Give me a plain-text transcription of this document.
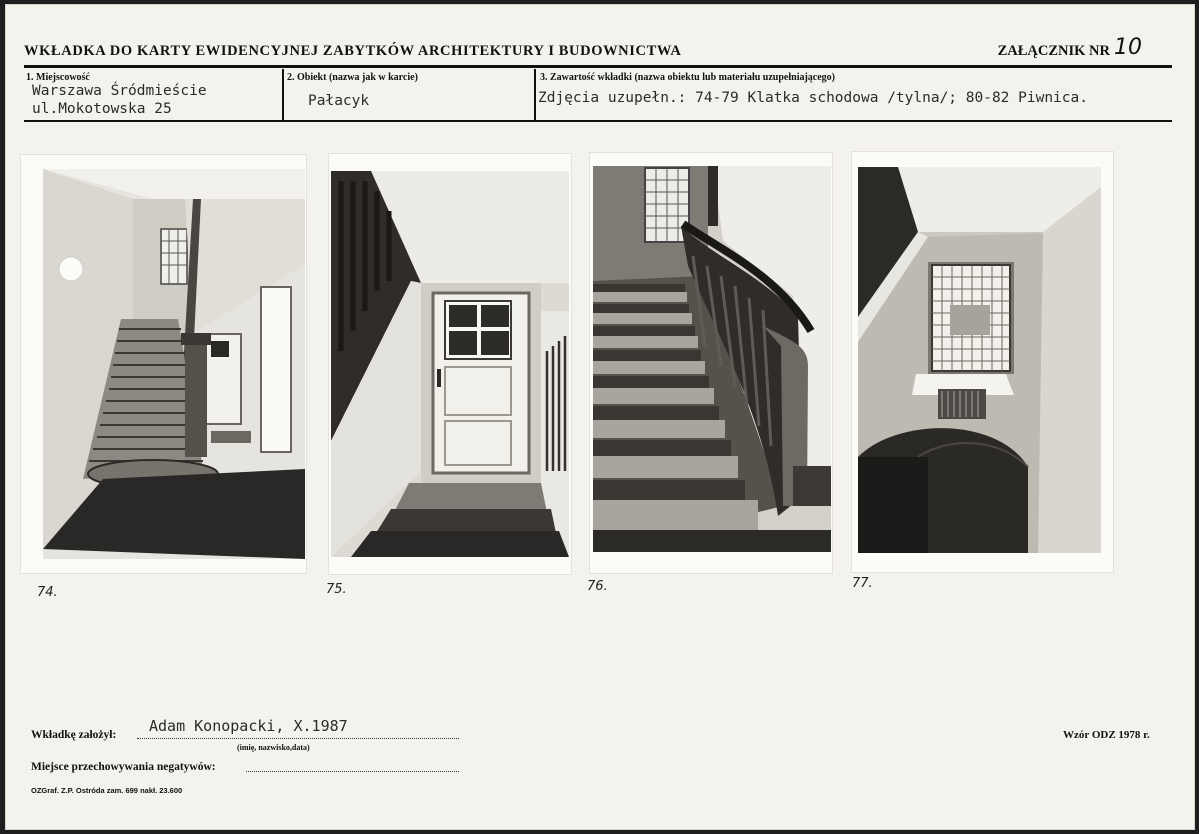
WKŁADKA DO KARTY EWIDENCYJNEJ ZABYTKÓW ARCHITEKTURY I BUDOWNICTWA	ZAŁĄCZNIK NR 10
1. Miejscowość
Warszawa Śródmieście
ul.Mokotowska 25
2. Obiekt (nazwa jak w karcie)
Pałacyk
3. Zawartość wkładki (nazwa obiektu lub materiału uzupełniającego)
Zdjęcia uzupełn.: 74-79 Klatka schodowa /tylna/; 80-82 Piwnica.
74.	75.	76.	77.
Wkładkę założył: Adam Konopacki, X.1987
(imię, nazwisko,data)
Miejsce przechowywania negatywów:
Wzór ODZ 1978 r.
OZGraf. Z.P. Ostróda zam. 699 nakł. 23.600
